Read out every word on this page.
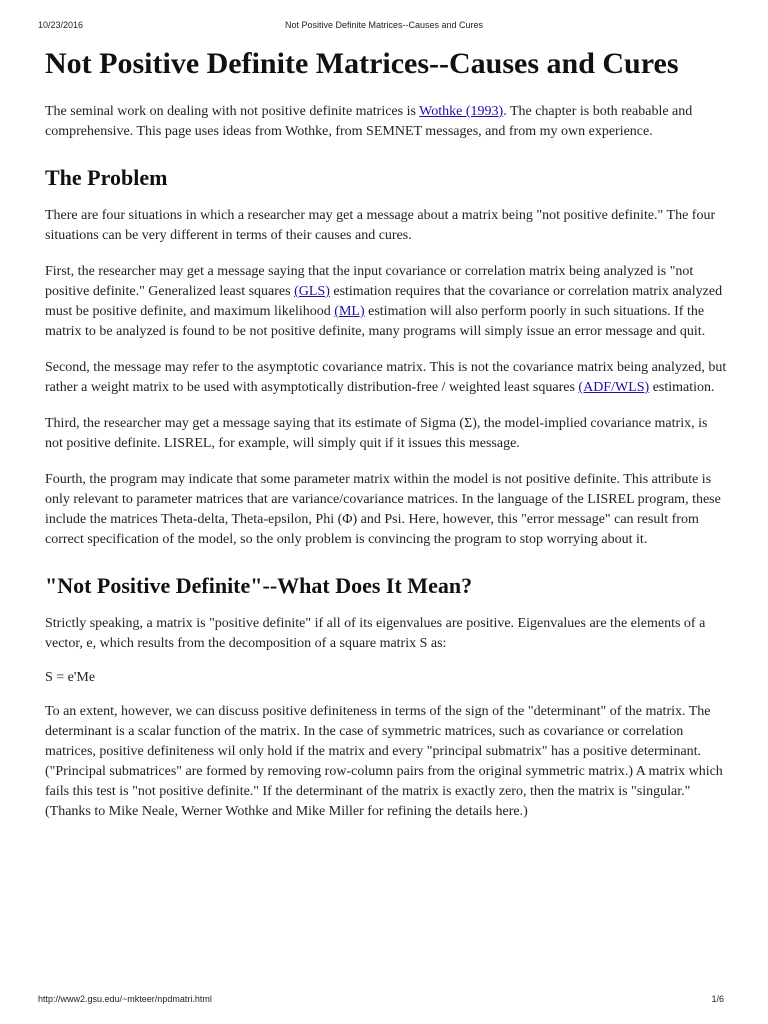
10/23/2016	Not Positive Definite Matrices--Causes and Cures
Not Positive Definite Matrices--Causes and Cures

The seminal work on dealing with not positive definite matrices is Wothke (1993). The chapter is both reabable and comprehensive. This page uses ideas from Wothke, from SEMNET messages, and from my own experience.

The Problem

There are four situations in which a researcher may get a message about a matrix being "not positive definite." The four situations can be very different in terms of their causes and cures.

First, the researcher may get a message saying that the input covariance or correlation matrix being analyzed is "not positive definite." Generalized least squares (GLS) estimation requires that the covariance or correlation matrix analyzed must be positive definite, and maximum likelihood (ML) estimation will also perform poorly in such situations. If the matrix to be analyzed is found to be not positive definite, many programs will simply issue an error message and quit.

Second, the message may refer to the asymptotic covariance matrix. This is not the covariance matrix being analyzed, but rather a weight matrix to be used with asymptotically distribution-free / weighted least squares (ADF/WLS) estimation.

Third, the researcher may get a message saying that its estimate of Sigma (Σ), the model-implied covariance matrix, is not positive definite. LISREL, for example, will simply quit if it issues this message.

Fourth, the program may indicate that some parameter matrix within the model is not positive definite. This attribute is only relevant to parameter matrices that are variance/covariance matrices. In the language of the LISREL program, these include the matrices Theta-delta, Theta-epsilon, Phi (Φ) and Psi. Here, however, this "error message" can result from correct specification of the model, so the only problem is convincing the program to stop worrying about it.

"Not Positive Definite"--What Does It Mean?

Strictly speaking, a matrix is "positive definite" if all of its eigenvalues are positive. Eigenvalues are the elements of a vector, e, which results from the decomposition of a square matrix S as:

S = e'Me

To an extent, however, we can discuss positive definiteness in terms of the sign of the "determinant" of the matrix. The determinant is a scalar function of the matrix. In the case of symmetric matrices, such as covariance or correlation matrices, positive definiteness wil only hold if the matrix and every "principal submatrix" has a positive determinant. ("Principal submatrices" are formed by removing row-column pairs from the original symmetric matrix.) A matrix which fails this test is "not positive definite." If the determinant of the matrix is exactly zero, then the matrix is "singular." (Thanks to Mike Neale, Werner Wothke and Mike Miller for refining the details here.)

http://www2.gsu.edu/~mkteer/npdmatri.html	1/6
